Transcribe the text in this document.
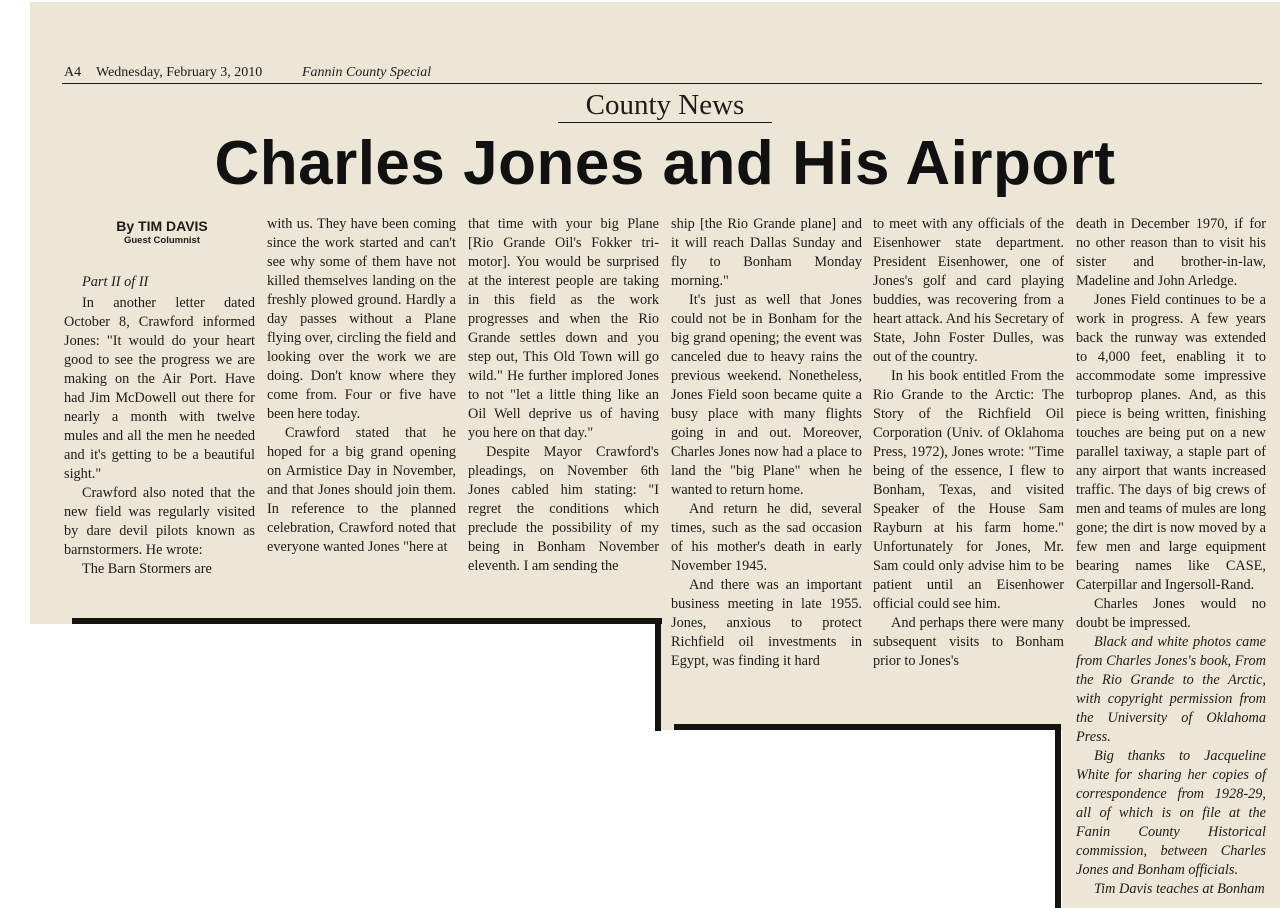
A4 Wednesday, February 3, 2010	Fannin County Special
County News
Charles Jones and His Airport
By TIM DAVIS
Guest Columnist

Part II of II

In another letter dated October 8, Crawford informed Jones: "It would do your heart good to see the progress we are making on the Air Port. Have had Jim McDowell out there for nearly a month with twelve mules and all the men he needed and it's getting to be a beautiful sight."

Crawford also noted that the new field was regularly visited by dare devil pilots known as barnstormers. He wrote:

The Barn Stormers are

with us. They have been coming since the work started and can't see why some of them have not killed themselves landing on the freshly plowed ground. Hardly a day passes without a Plane flying over, circling the field and looking over the work we are doing. Don't know where they come from. Four or five have been here today.

Crawford stated that he hoped for a big grand opening on Armistice Day in November, and that Jones should join them. In reference to the planned celebration, Crawford noted that everyone wanted Jones "here at

that time with your big Plane [Rio Grande Oil's Fokker tri-motor]. You would be surprised at the interest people are taking in this field as the work progresses and when the Rio Grande settles down and you step out, This Old Town will go wild." He further implored Jones to not "let a little thing like an Oil Well deprive us of having you here on that day."

Despite Mayor Crawford's pleadings, on November 6th Jones cabled him stating: "I regret the conditions which preclude the possibility of my being in Bonham November eleventh. I am sending the

ship [the Rio Grande plane] and it will reach Dallas Sunday and fly to Bonham Monday morning."

It's just as well that Jones could not be in Bonham for the big grand opening; the event was canceled due to heavy rains the previous weekend. Nonetheless, Jones Field soon became quite a busy place with many flights going in and out. Moreover, Charles Jones now had a place to land the "big Plane" when he wanted to return home.

And return he did, several times, such as the sad occasion of his mother's death in early November 1945.

And there was an important business meeting in late 1955. Jones, anxious to protect Richfield oil investments in Egypt, was finding it hard

to meet with any officials of the Eisenhower state department. President Eisenhower, one of Jones's golf and card playing buddies, was recovering from a heart attack. And his Secretary of State, John Foster Dulles, was out of the country.

In his book entitled From the Rio Grande to the Arctic: The Story of the Richfield Oil Corporation (Univ. of Oklahoma Press, 1972), Jones wrote: "Time being of the essence, I flew to Bonham, Texas, and visited Speaker of the House Sam Rayburn at his farm home." Unfortunately for Jones, Mr. Sam could only advise him to be patient until an Eisenhower official could see him.

And perhaps there were many subsequent visits to Bonham prior to Jones's

death in December 1970, if for no other reason than to visit his sister and brother-in-law, Madeline and John Arledge.

Jones Field continues to be a work in progress. A few years back the runway was extended to 4,000 feet, enabling it to accommodate some impressive turboprop planes. And, as this piece is being written, finishing touches are being put on a new parallel taxiway, a staple part of any airport that wants increased traffic. The days of big crews of men and teams of mules are long gone; the dirt is now moved by a few men and large equipment bearing names like CASE, Caterpillar and Ingersoll-Rand.

Charles Jones would no doubt be impressed.

Black and white photos came from Charles Jones's book, From the Rio Grande to the Arctic, with copyright permission from the University of Oklahoma Press.

Big thanks to Jacqueline White for sharing her copies of correspondence from 1928-29, all of which is on file at the Fanin County Historical commission, between Charles Jones and Bonham officials.

Tim Davis teaches at Bonham
